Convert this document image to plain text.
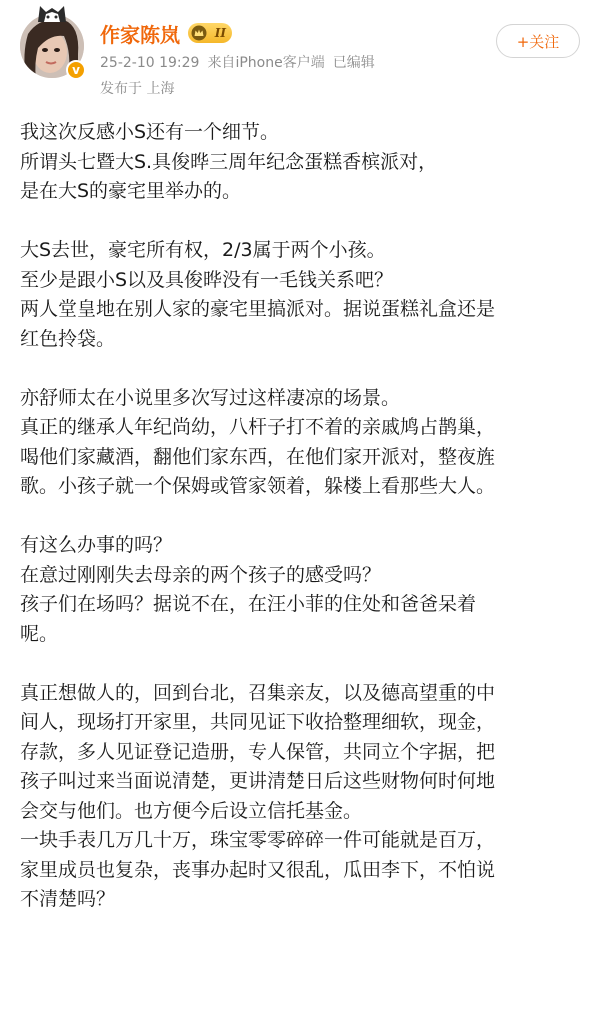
v
作家陈岚	II
25-2-10 19:29 来自iPhone客户端 已编辑
发布于 上海
+关注
我这次反感小S还有一个细节。
所谓头七暨大S.具俊晔三周年纪念蛋糕香槟派对，
是在大S的豪宅里举办的。
大S去世，豪宅所有权，2/3属于两个小孩。
至少是跟小S以及具俊晔没有一毛钱关系吧？
两人堂皇地在别人家的豪宅里搞派对。据说蛋糕礼盒还是
红色拎袋。
亦舒师太在小说里多次写过这样凄凉的场景。
真正的继承人年纪尚幼，八杆子打不着的亲戚鸠占鹊巢，
喝他们家藏酒，翻他们家东西，在他们家开派对，整夜旌
歌。小孩子就一个保姆或管家领着，躲楼上看那些大人。
有这么办事的吗？
在意过刚刚失去母亲的两个孩子的感受吗？
孩子们在场吗？据说不在，在汪小菲的住处和爸爸呆着
呢。
真正想做人的，回到台北，召集亲友，以及德高望重的中
间人，现场打开家里，共同见证下收拾整理细软，现金，
存款，多人见证登记造册，专人保管，共同立个字据，把
孩子叫过来当面说清楚，更讲清楚日后这些财物何时何地
会交与他们。也方便今后设立信托基金。
一块手表几万几十万，珠宝零零碎碎一件可能就是百万，
家里成员也复杂，丧事办起时又很乱，瓜田李下，不怕说
不清楚吗？
